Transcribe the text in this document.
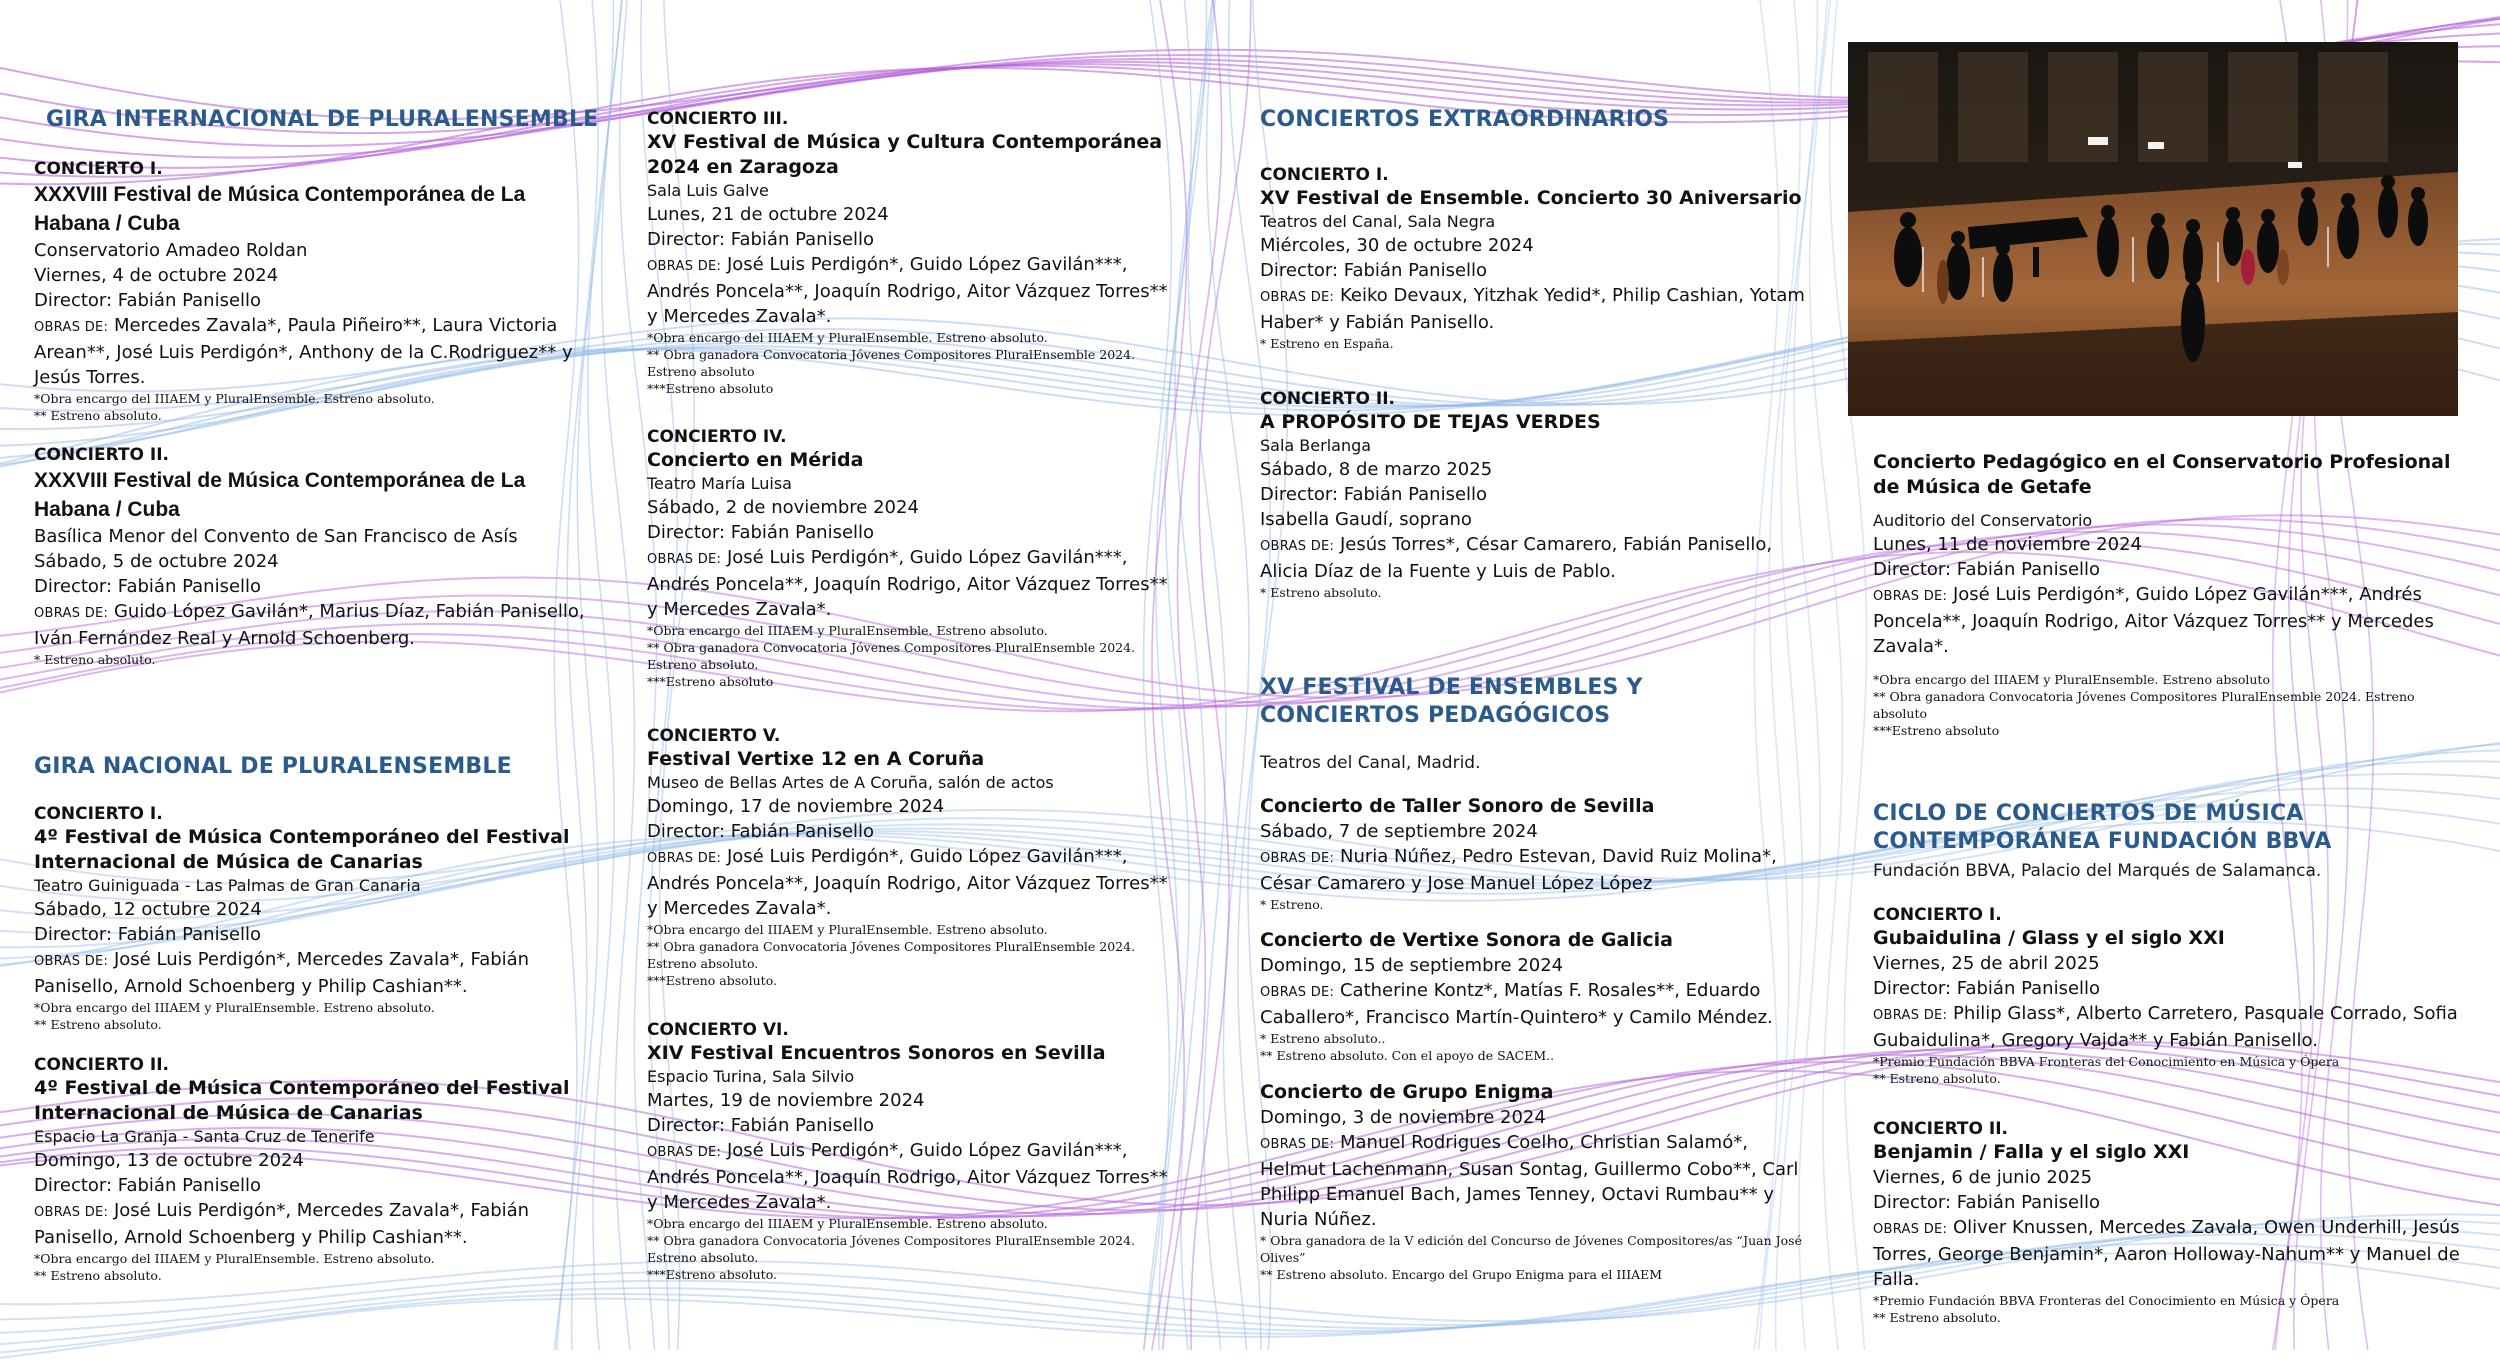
GIRA INTERNACIONAL DE PLURALENSEMBLE
CONCIERTO I.
XXXVIII Festival de Música Contemporánea de La Habana / Cuba
Conservatorio Amadeo Roldan
Viernes, 4 de octubre 2024
Director: Fabián Panisello
OBRAS DE: Mercedes Zavala*, Paula Piñeiro**, Laura Victoria Arean**, José Luis Perdigón*, Anthony de la C.Rodriguez** y Jesús Torres.
*Obra encargo del IIIAEM y PluralEnsemble. Estreno absoluto.
** Estreno absoluto.
CONCIERTO II.
XXXVIII Festival de Música Contemporánea de La Habana / Cuba
Basílica Menor del Convento de San Francisco de Asís
Sábado, 5 de octubre 2024
Director: Fabián Panisello
OBRAS DE: Guido López Gavilán*, Marius Díaz, Fabián Panisello, Iván Fernández Real y Arnold Schoenberg.
* Estreno absoluto.
GIRA NACIONAL DE PLURALENSEMBLE
CONCIERTO I.
4º Festival de Música Contemporáneo del Festival Internacional de Música de Canarias
Teatro Guiniguada - Las Palmas de Gran Canaria
Sábado, 12 octubre 2024
Director: Fabián Panisello
OBRAS DE: José Luis Perdigón*, Mercedes Zavala*, Fabián Panisello, Arnold Schoenberg y Philip Cashian**.
*Obra encargo del IIIAEM y PluralEnsemble. Estreno absoluto.
** Estreno absoluto.
CONCIERTO II.
4º Festival de Música Contemporáneo del Festival Internacional de Música de Canarias
Espacio La Granja - Santa Cruz de Tenerife
Domingo, 13 de octubre 2024
Director: Fabián Panisello
OBRAS DE: José Luis Perdigón*, Mercedes Zavala*, Fabián Panisello, Arnold Schoenberg y Philip Cashian**.
*Obra encargo del IIIAEM y PluralEnsemble. Estreno absoluto.
** Estreno absoluto.
CONCIERTO III.
XV Festival de Música y Cultura Contemporánea 2024 en Zaragoza
Sala Luis Galve
Lunes, 21 de octubre 2024
Director: Fabián Panisello
OBRAS DE: José Luis Perdigón*, Guido López Gavilán***, Andrés Poncela**, Joaquín Rodrigo, Aitor Vázquez Torres** y Mercedes Zavala*.
*Obra encargo del IIIAEM y PluralEnsemble. Estreno absoluto.
** Obra ganadora Convocatoria Jóvenes Compositores PluralEnsemble 2024. Estreno absoluto
***Estreno absoluto
CONCIERTO IV.
Concierto en Mérida
Teatro María Luisa
Sábado, 2 de noviembre 2024
Director: Fabián Panisello
OBRAS DE: José Luis Perdigón*, Guido López Gavilán***, Andrés Poncela**, Joaquín Rodrigo, Aitor Vázquez Torres** y Mercedes Zavala*.
*Obra encargo del IIIAEM y PluralEnsemble. Estreno absoluto.
** Obra ganadora Convocatoria Jóvenes Compositores PluralEnsemble 2024. Estreno absoluto.
***Estreno absoluto
CONCIERTO V.
Festival Vertixe 12 en A Coruña
Museo de Bellas Artes de A Coruña, salón de actos
Domingo, 17 de noviembre 2024
Director: Fabián Panisello
OBRAS DE: José Luis Perdigón*, Guido López Gavilán***, Andrés Poncela**, Joaquín Rodrigo, Aitor Vázquez Torres** y Mercedes Zavala*.
*Obra encargo del IIIAEM y PluralEnsemble. Estreno absoluto.
** Obra ganadora Convocatoria Jóvenes Compositores PluralEnsemble 2024. Estreno absoluto.
***Estreno absoluto.
CONCIERTO VI.
XIV Festival Encuentros Sonoros en Sevilla
Espacio Turina, Sala Silvio
Martes, 19 de noviembre 2024
Director: Fabián Panisello
OBRAS DE: José Luis Perdigón*, Guido López Gavilán***, Andrés Poncela**, Joaquín Rodrigo, Aitor Vázquez Torres** y Mercedes Zavala*.
*Obra encargo del IIIAEM y PluralEnsemble. Estreno absoluto.
** Obra ganadora Convocatoria Jóvenes Compositores PluralEnsemble 2024. Estreno absoluto.
***Estreno absoluto.
CONCIERTOS EXTRAORDINARIOS
CONCIERTO I.
XV Festival de Ensemble. Concierto 30 Aniversario
Teatros del Canal, Sala Negra
Miércoles, 30 de octubre 2024
Director: Fabián Panisello
OBRAS DE: Keiko Devaux, Yitzhak Yedid*, Philip Cashian, Yotam Haber* y Fabián Panisello.
* Estreno en España.
CONCIERTO II.
A PROPÓSITO DE TEJAS VERDES
Sala Berlanga
Sábado, 8 de marzo 2025
Director: Fabián Panisello
Isabella Gaudí, soprano
OBRAS DE: Jesús Torres*, César Camarero, Fabián Panisello, Alicia Díaz de la Fuente y Luis de Pablo.
* Estreno absoluto.
XV FESTIVAL DE ENSEMBLES Y CONCIERTOS PEDAGÓGICOS
Teatros del Canal, Madrid.
Concierto de Taller Sonoro de Sevilla
Sábado, 7 de septiembre 2024
OBRAS DE: Nuria Núñez, Pedro Estevan, David Ruiz Molina*, César Camarero y Jose Manuel López López
* Estreno.
Concierto de Vertixe Sonora de Galicia
Domingo, 15 de septiembre 2024
OBRAS DE: Catherine Kontz*, Matías F. Rosales**, Eduardo Caballero*, Francisco Martín-Quintero* y Camilo Méndez.
* Estreno absoluto..
** Estreno absoluto. Con el apoyo de SACEM..
Concierto de Grupo Enigma
Domingo, 3 de noviembre 2024
OBRAS DE: Manuel Rodrigues Coelho, Christian Salamó*, Helmut Lachenmann, Susan Sontag, Guillermo Cobo**, Carl Philipp Emanuel Bach, James Tenney, Octavi Rumbau** y Nuria Núñez.
* Obra ganadora de la V edición del Concurso de Jóvenes Compositores/as “Juan José Olives”
** Estreno absoluto. Encargo del Grupo Enigma para el IIIAEM
Concierto Pedagógico en el Conservatorio Profesional de Música de Getafe
Auditorio del Conservatorio
Lunes, 11 de noviembre 2024
Director: Fabián Panisello
OBRAS DE: José Luis Perdigón*, Guido López Gavilán***, Andrés Poncela**, Joaquín Rodrigo, Aitor Vázquez Torres** y Mercedes Zavala*.
*Obra encargo del IIIAEM y PluralEnsemble. Estreno absoluto
** Obra ganadora Convocatoria Jóvenes Compositores PluralEnsemble 2024. Estreno absoluto
***Estreno absoluto
CICLO DE CONCIERTOS DE MÚSICA CONTEMPORÁNEA FUNDACIÓN BBVA
Fundación BBVA, Palacio del Marqués de Salamanca.
CONCIERTO I.
Gubaidulina / Glass y el siglo XXI
Viernes, 25 de abril 2025
Director: Fabián Panisello
OBRAS DE: Philip Glass*, Alberto Carretero, Pasquale Corrado, Sofia Gubaidulina*, Gregory Vajda** y Fabián Panisello.
*Premio Fundación BBVA Fronteras del Conocimiento en Música y Ópera
** Estreno absoluto.
CONCIERTO II.
Benjamin / Falla y el siglo XXI
Viernes, 6 de junio 2025
Director: Fabián Panisello
OBRAS DE: Oliver Knussen, Mercedes Zavala, Owen Underhill, Jesús Torres, George Benjamin*, Aaron Holloway-Nahum** y Manuel de Falla.
*Premio Fundación BBVA Fronteras del Conocimiento en Música y Ópera
** Estreno absoluto.
